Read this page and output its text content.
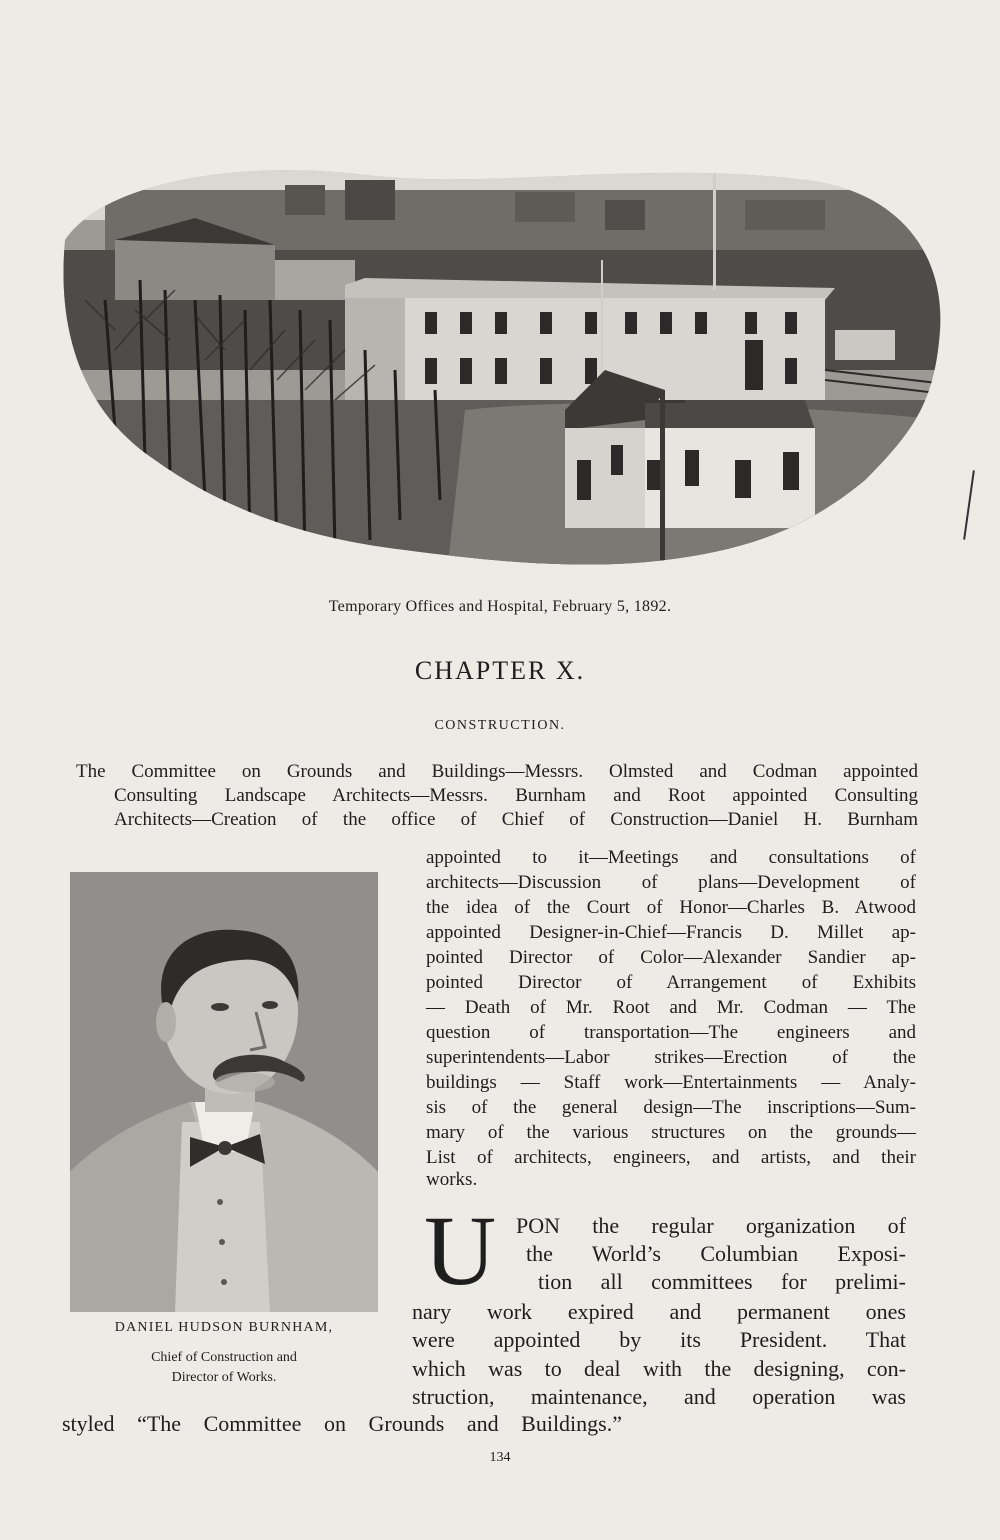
Temporary Offices and Hospital, February 5, 1892.
CHAPTER X.
CONSTRUCTION.
The Committee on Grounds and Buildings—Messrs. Olmsted and Codman appointed
Consulting Landscape Architects—Messrs. Burnham and Root appointed Consulting
Architects—Creation of the office of Chief of Construction—Daniel H. Burnham
appointed to it—Meetings and consultations of
architects—Discussion of plans—Development of
the idea of the Court of Honor—Charles B. Atwood
appointed Designer-in-Chief—Francis D. Millet ap-
pointed Director of Color—Alexander Sandier ap-
pointed Director of Arrangement of Exhibits
— Death of Mr. Root and Mr. Codman — The
question of transportation—The engineers and
superintendents—Labor strikes—Erection of the
buildings — Staff work—Entertainments — Analy-
sis of the general design—The inscriptions—Sum-
mary of the various structures on the grounds—
List of architects, engineers, and artists, and their
works.
DANIEL HUDSON BURNHAM,
Chief of Construction and
Director of Works.
U PON the regular organization of
the World’s Columbian Exposi-
tion all committees for prelimi-
nary work expired and permanent ones
were appointed by its President. That
which was to deal with the designing, con-
struction, maintenance, and operation was
styled “The Committee on Grounds and Buildings.”
134
